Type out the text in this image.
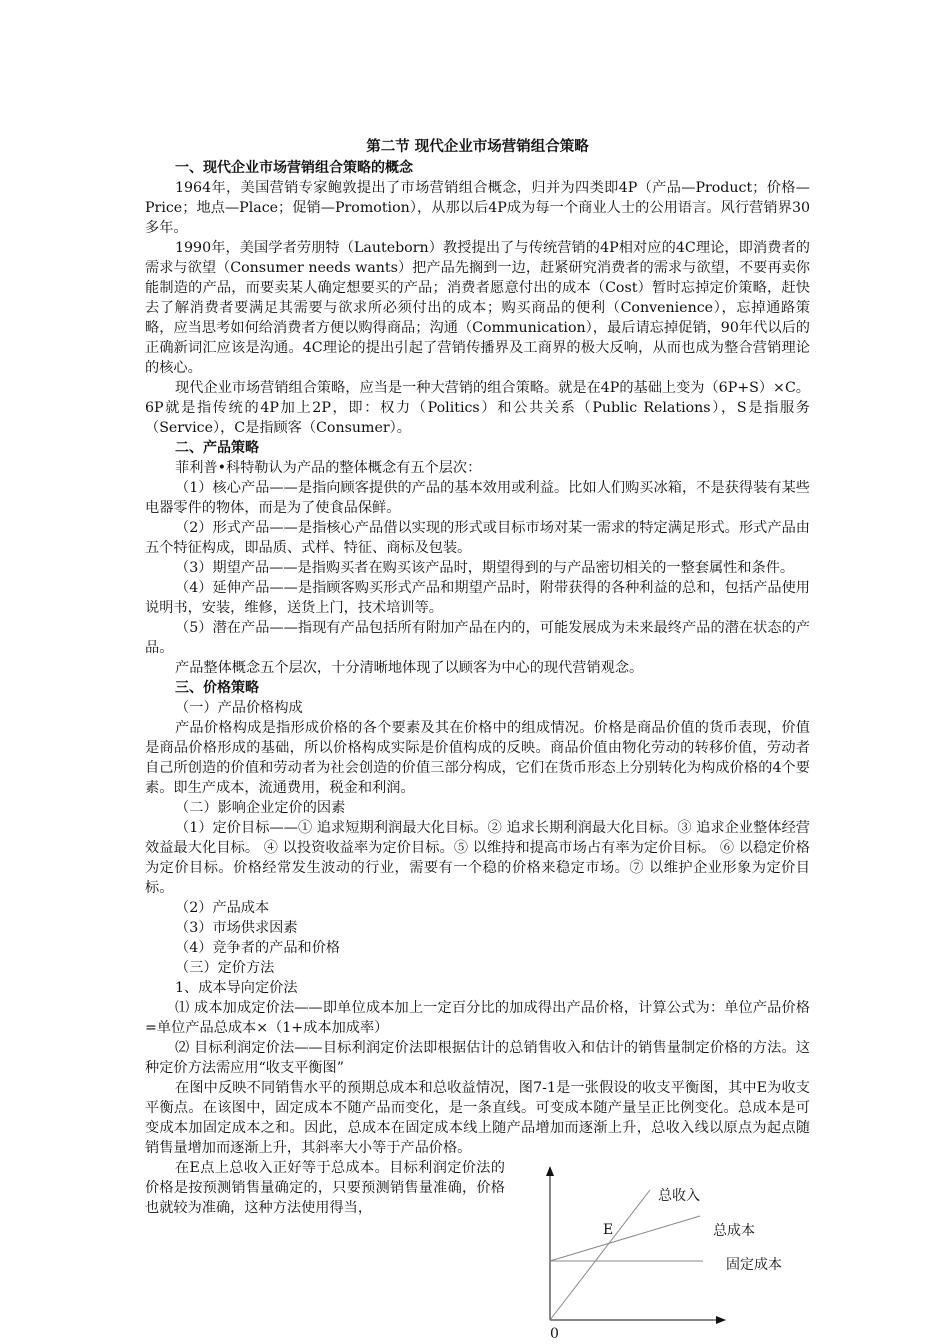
第二节 现代企业市场营销组合策略
一、现代企业市场营销组合策略的概念

1964年，美国营销专家鲍敦提出了市场营销组合概念，归并为四类即4P（产品—Product；价格—Price；地点—Place；促销—Promotion），从那以后4P成为每一个商业人士的公用语言。风行营销界30多年。

1990年，美国学者劳朋特（Lauteborn）教授提出了与传统营销的4P相对应的4C理论，即消费者的需求与欲望（Consumer needs wants）把产品先搁到一边，赶紧研究消费者的需求与欲望，不要再卖你能制造的产品，而要卖某人确定想要买的产品；消费者愿意付出的成本（Cost）暂时忘掉定价策略，赶快去了解消费者要满足其需要与欲求所必须付出的成本；购买商品的便利（Convenience），忘掉通路策略，应当思考如何给消费者方便以购得商品；沟通（Communication），最后请忘掉促销，90年代以后的正确新词汇应该是沟通。4C理论的提出引起了营销传播界及工商界的极大反响，从而也成为整合营销理论的核心。

现代企业市场营销组合策略，应当是一种大营销的组合策略。就是在4P的基础上变为（6P+S）×C。6P就是指传统的4P加上2P，即：权力（Politics）和公共关系（Public Relations），S是指服务（Service），C是指顾客（Consumer）。

二、产品策略

菲利普•科特勒认为产品的整体概念有五个层次：

（1）核心产品——是指向顾客提供的产品的基本效用或利益。比如人们购买冰箱，不是获得装有某些电器零件的物体，而是为了使食品保鲜。

（2）形式产品——是指核心产品借以实现的形式或目标市场对某一需求的特定满足形式。形式产品由五个特征构成，即品质、式样、特征、商标及包装。

（3）期望产品——是指购买者在购买该产品时，期望得到的与产品密切相关的一整套属性和条件。

（4）延伸产品——是指顾客购买形式产品和期望产品时，附带获得的各种利益的总和，包括产品使用说明书，安装，维修，送货上门，技术培训等。

（5）潜在产品——指现有产品包括所有附加产品在内的，可能发展成为未来最终产品的潜在状态的产品。

产品整体概念五个层次，十分清晰地体现了以顾客为中心的现代营销观念。

三、价格策略

（一）产品价格构成

产品价格构成是指形成价格的各个要素及其在价格中的组成情况。价格是商品价值的货币表现，价值是商品价格形成的基础，所以价格构成实际是价值构成的反映。商品价值由物化劳动的转移价值，劳动者自己所创造的价值和劳动者为社会创造的价值三部分构成，它们在货币形态上分别转化为构成价格的4个要素。即生产成本，流通费用，税金和利润。

（二）影响企业定价的因素

（1）定价目标——① 追求短期利润最大化目标。② 追求长期利润最大化目标。③ 追求企业整体经营效益最大化目标。 ④ 以投资收益率为定价目标。⑤ 以维持和提高市场占有率为定价目标。 ⑥ 以稳定价格为定价目标。价格经常发生波动的行业，需要有一个稳的价格来稳定市场。⑦ 以维护企业形象为定价目标。

（2）产品成本

（3）市场供求因素

（4）竞争者的产品和价格

（三）定价方法

1、成本导向定价法

⑴ 成本加成定价法——即单位成本加上一定百分比的加成得出产品价格，计算公式为：单位产品价格=单位产品总成本×（1+成本加成率）

⑵ 目标利润定价法——目标利润定价法即根据估计的总销售收入和估计的销售量制定价格的方法。这种定价方法需应用“收支平衡图”

在图中反映不同销售水平的预期总成本和总收益情况，图7-1是一张假设的收支平衡图，其中E为收支平衡点。在该图中，固定成本不随产品而变化，是一条直线。可变成本随产量呈正比例变化。总成本是可变成本加固定成本之和。因此，总成本在固定成本线上随产品增加而逐渐上升，总收入线以原点为起点随销售量增加而逐渐上升，其斜率大小等于产品价格。

在E点上总收入正好等于总成本。目标利润定价法的价格是按预测销售量确定的，只要预测销售量准确，价格也就较为准确，这种方法使用得当，

总收入
E	总成本
固定成本
0
